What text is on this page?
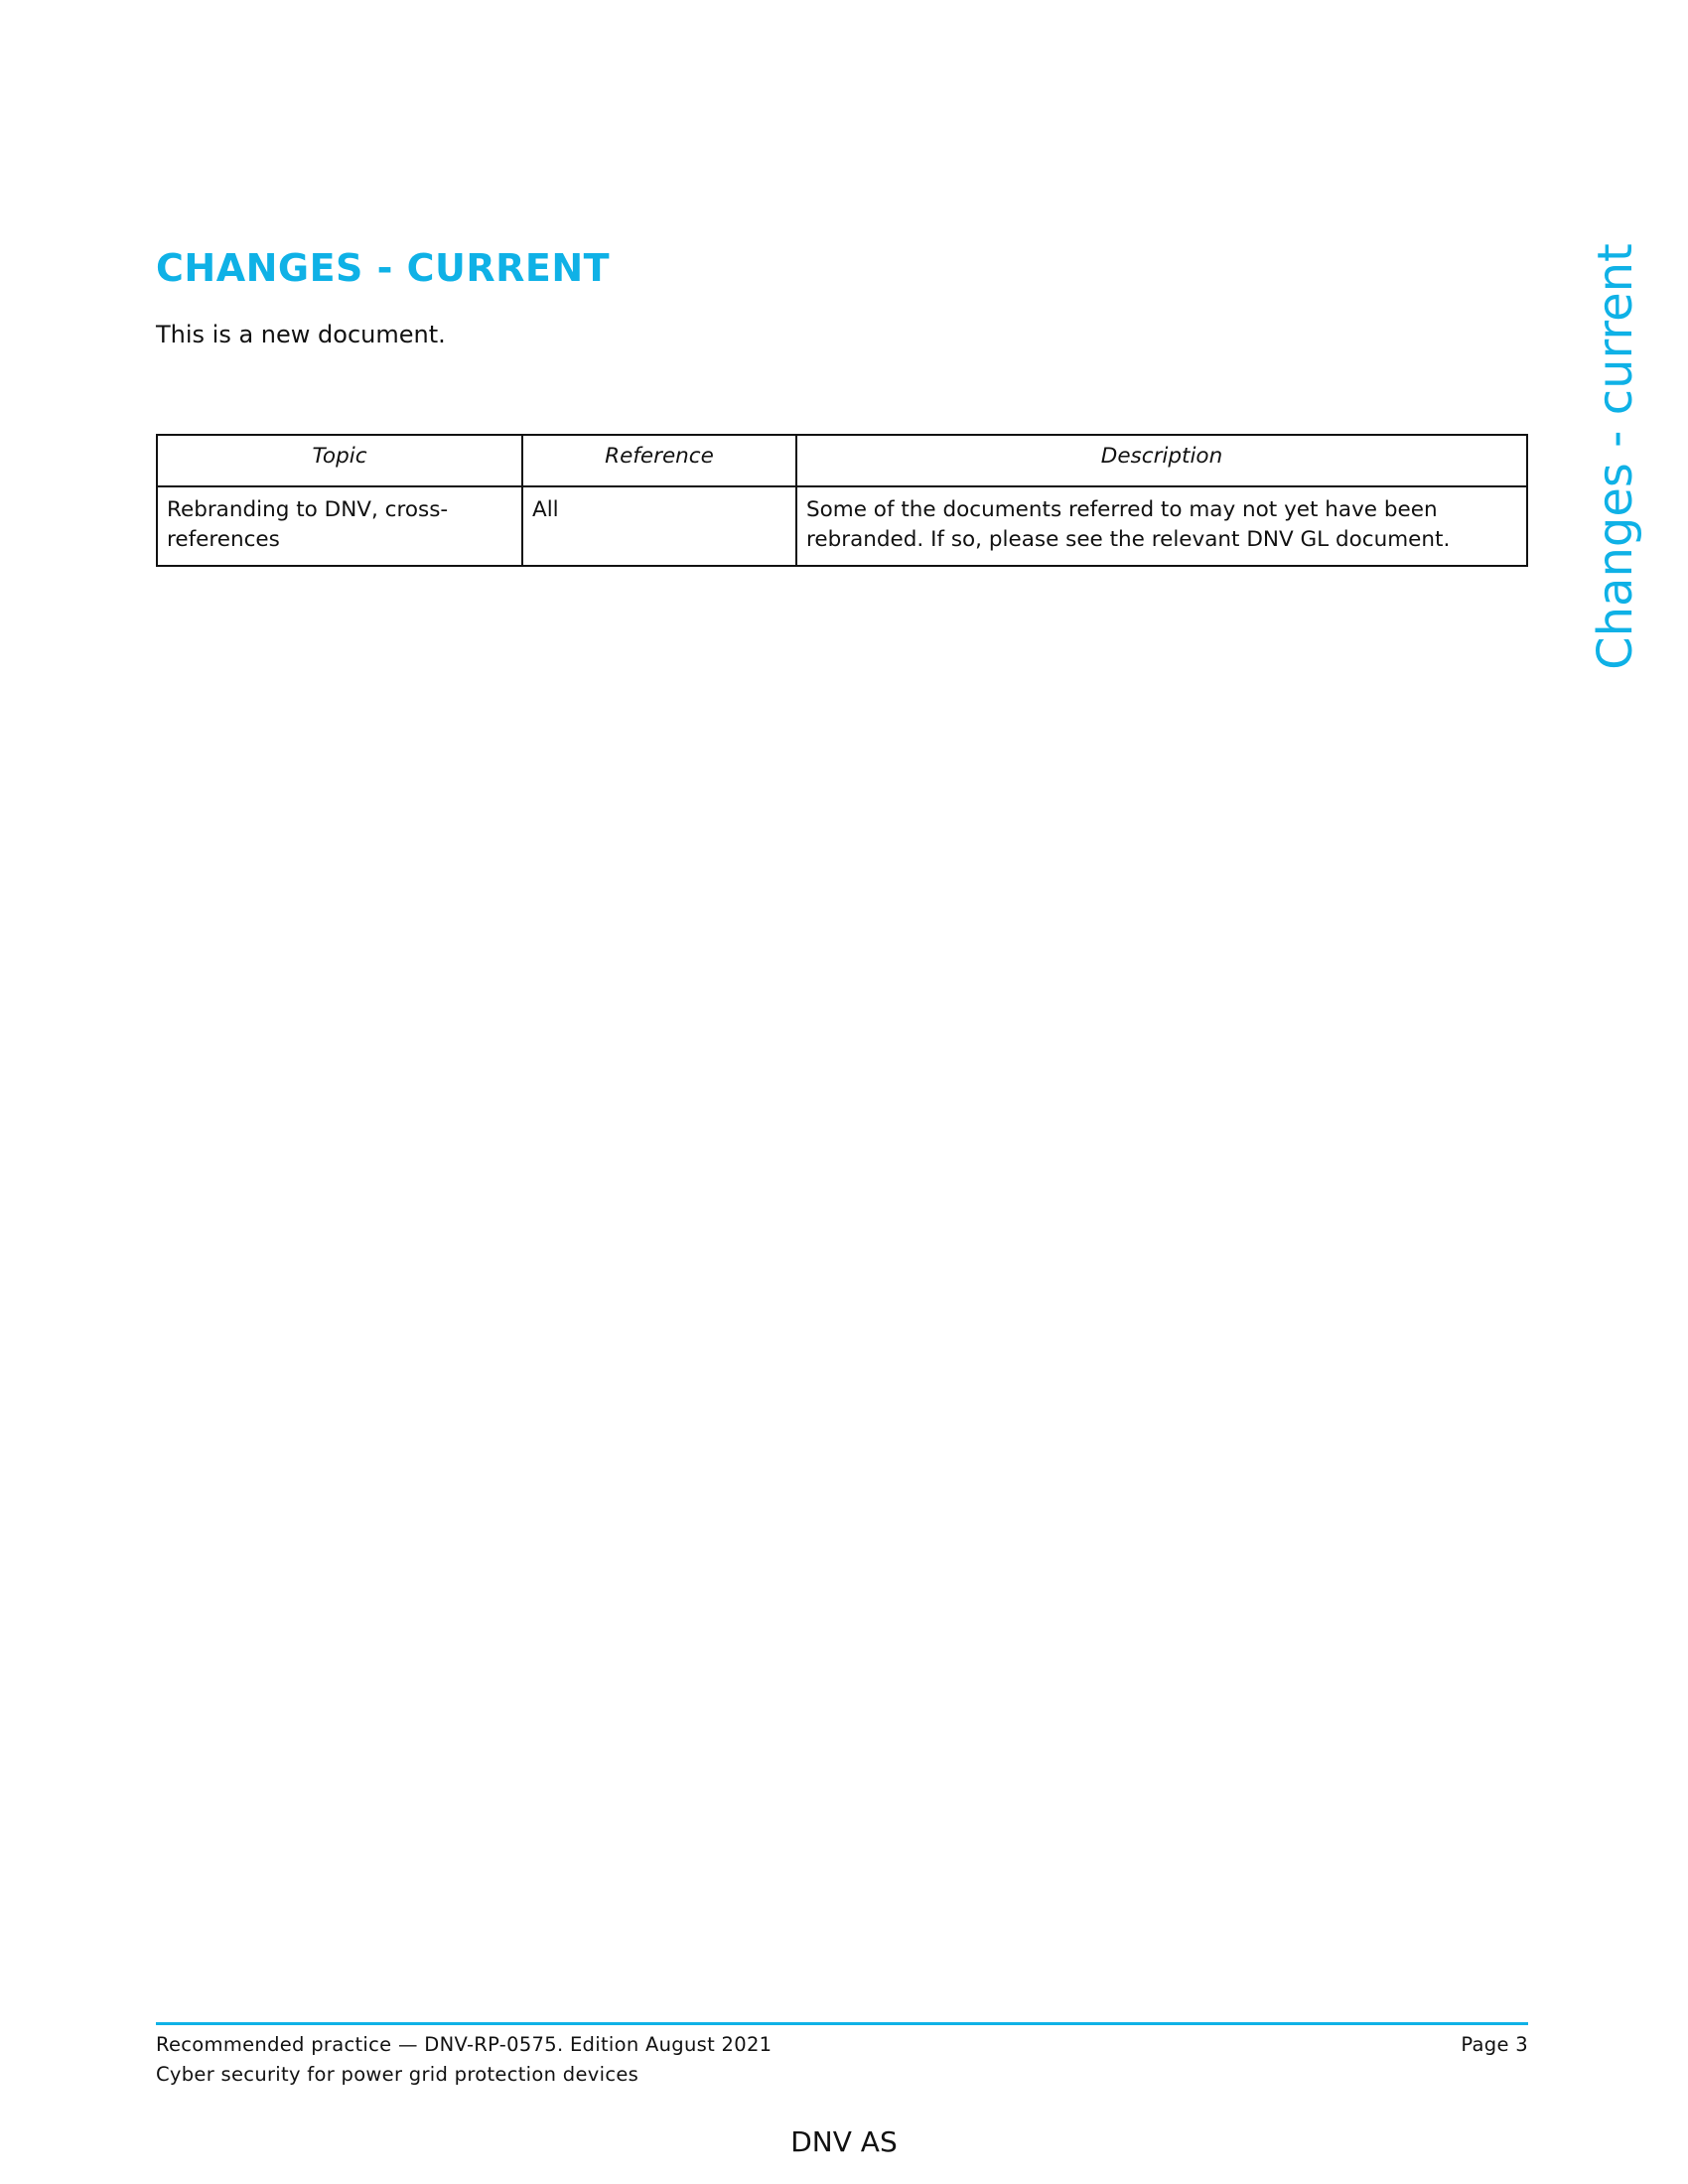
CHANGES - CURRENT

This is a new document.	Changes - current
Topic	Reference	Description
Rebranding to DNV, cross-references	All	Some of the documents referred to may not yet have been rebranded. If so, please see the relevant DNV GL document.
Recommended practice — DNV-RP-0575. Edition August 2021
Cyber security for power grid protection devices
Page 3
DNV AS
